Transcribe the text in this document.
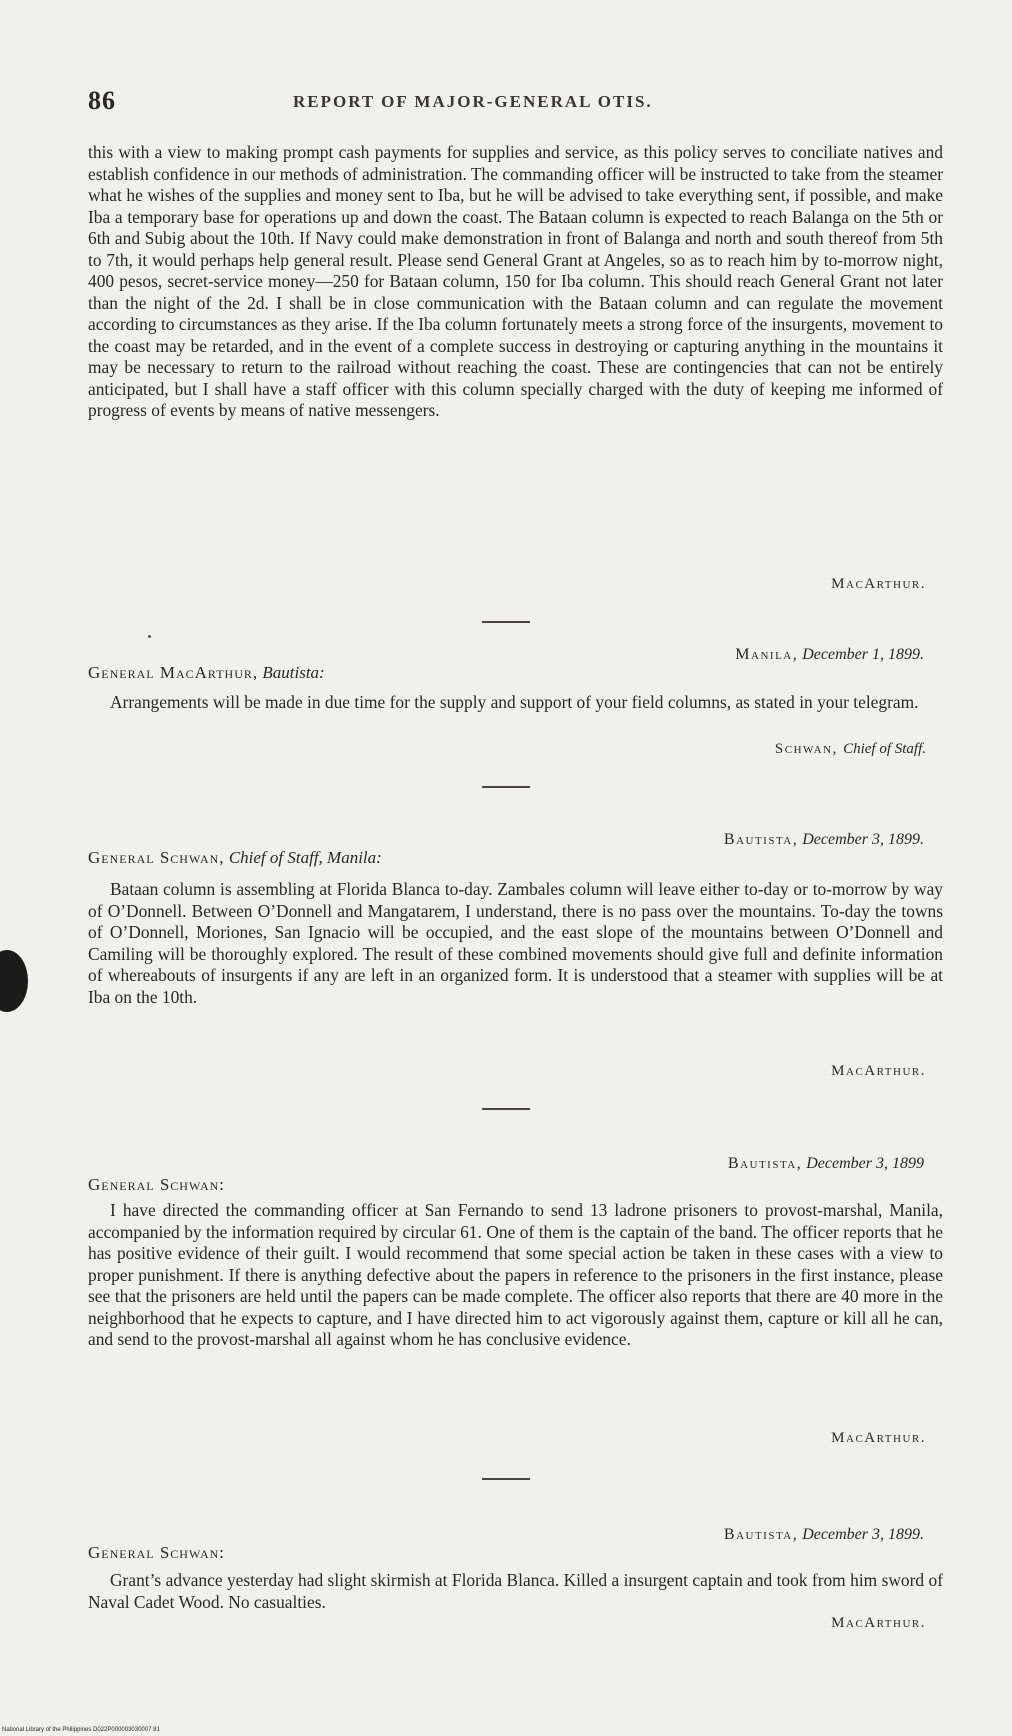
86	REPORT OF MAJOR-GENERAL OTIS.

this with a view to making prompt cash payments for supplies and service, as this policy serves to conciliate natives and establish confidence in our methods of administration. The commanding officer will be instructed to take from the steamer what he wishes of the supplies and money sent to Iba, but he will be advised to take everything sent, if possible, and make Iba a temporary base for operations up and down the coast. The Bataan column is expected to reach Balanga on the 5th or 6th and Subig about the 10th. If Navy could make demonstration in front of Balanga and north and south thereof from 5th to 7th, it would perhaps help general result. Please send General Grant at Angeles, so as to reach him by to-morrow night, 400 pesos, secret-service money—250 for Bataan column, 150 for Iba column. This should reach General Grant not later than the night of the 2d. I shall be in close communication with the Bataan column and can regulate the movement according to circumstances as they arise. If the Iba column fortunately meets a strong force of the insurgents, movement to the coast may be retarded, and in the event of a complete success in destroying or capturing anything in the mountains it may be necessary to return to the railroad without reaching the coast. These are contingencies that can not be entirely anticipated, but I shall have a staff officer with this column specially charged with the duty of keeping me informed of progress of events by means of native messengers.

MacArthur.
Manila, December 1, 1899.
General MacArthur, Bautista:

Arrangements will be made in due time for the supply and support of your field columns, as stated in your telegram.

Schwan, Chief of Staff.
Bautista, December 3, 1899.
General Schwan, Chief of Staff, Manila:

Bataan column is assembling at Florida Blanca to-day. Zambales column will leave either to-day or to-morrow by way of O’Donnell. Between O’Donnell and Mangatarem, I understand, there is no pass over the mountains. To-day the towns of O’Donnell, Moriones, San Ignacio will be occupied, and the east slope of the mountains between O’Donnell and Camiling will be thoroughly explored. The result of these combined movements should give full and definite information of whereabouts of insurgents if any are left in an organized form. It is understood that a steamer with supplies will be at Iba on the 10th.

MacArthur.
Bautista, December 3, 1899
General Schwan:

I have directed the commanding officer at San Fernando to send 13 ladrone prisoners to provost-marshal, Manila, accompanied by the information required by circular 61. One of them is the captain of the band. The officer reports that he has positive evidence of their guilt. I would recommend that some special action be taken in these cases with a view to proper punishment. If there is anything defective about the papers in reference to the prisoners in the first instance, please see that the prisoners are held until the papers can be made complete. The officer also reports that there are 40 more in the neighborhood that he expects to capture, and I have directed him to act vigorously against them, capture or kill all he can, and send to the provost-marshal all against whom he has conclusive evidence.

MacArthur.
Bautista, December 3, 1899.
General Schwan:

Grant’s advance yesterday had slight skirmish at Florida Blanca. Killed a insurgent captain and took from him sword of Naval Cadet Wood. No casualties.

MacArthur.
National Library of the Philippines D022P000003030007 81
